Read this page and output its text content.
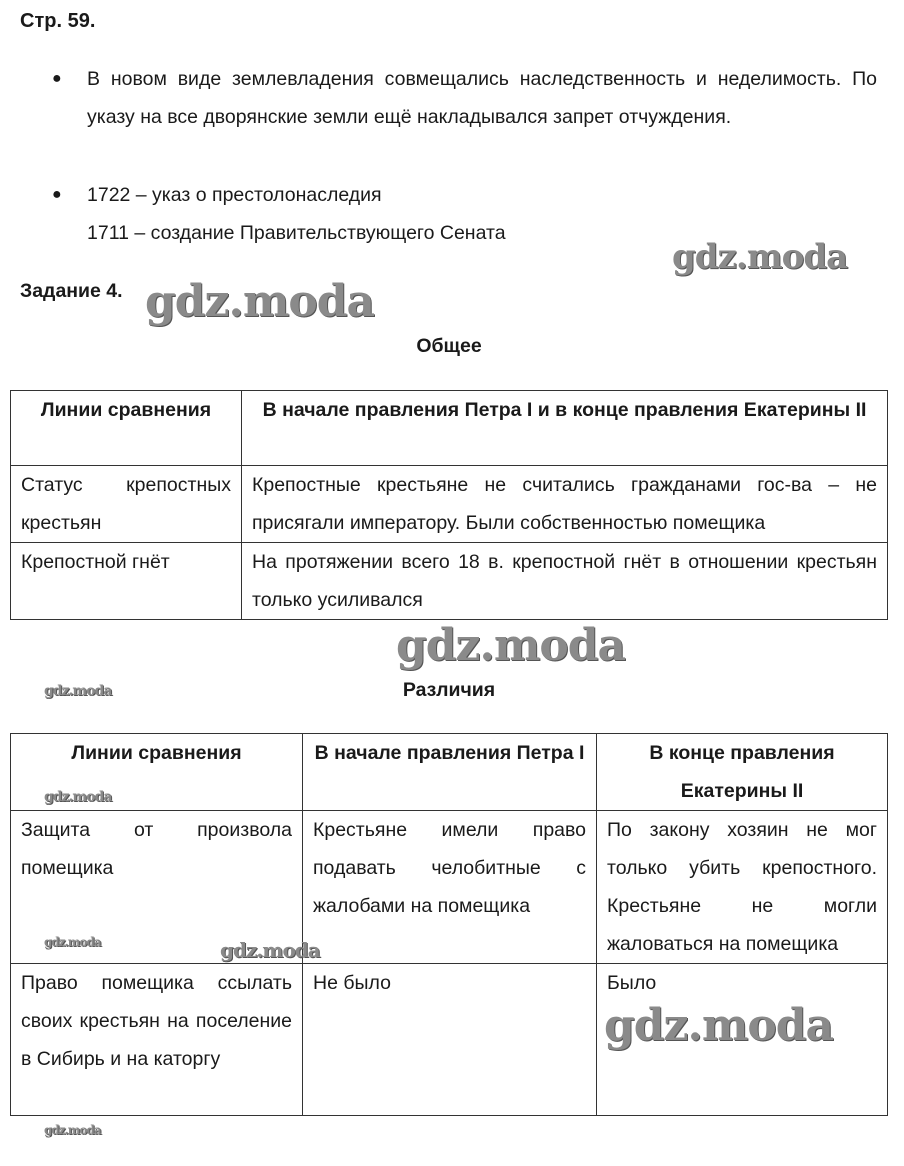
Стр. 59.
● В новом виде землевладения совмещались наследственность и неделимость. По указу на все дворянские земли ещё накладывался запрет отчуждения.
● 1722 – указ о престолонаследия
1711 – создание Правительствующего Сената
Задание 4.
Общее
Линии сравнения	В начале правления Петра I и в конце правления Екатерины II
Статус крепостных крестьян	Крепостные крестьяне не считались гражданами гос-ва – не присягали императору. Были собственностью помещика
Крепостной гнёт	На протяжении всего 18 в. крепостной гнёт в отношении крестьян только усиливался
Различия
Линии сравнения	В начале правления Петра I	В конце правления Екатерины II
Защита от произвола помещика	Крестьяне имели право подавать челобитные с жалобами на помещика	По закону хозяин не мог только убить крепостного. Крестьяне не могли жаловаться на помещика
Право помещика ссылать своих крестьян на поселение в Сибирь и на каторгу	Не было	Было
gdz.moda
gdz.moda
gdz.moda
gdz.moda
gdz.moda
gdz.moda	gdz.moda
gdz.moda
gdz.moda
